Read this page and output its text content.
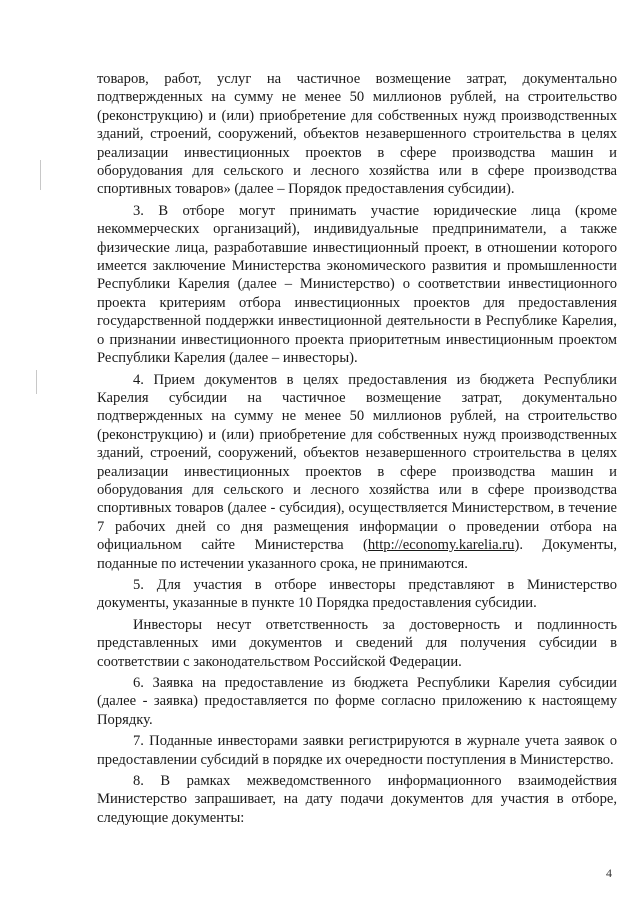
товаров, работ, услуг на частичное возмещение затрат, документально подтвержденных на сумму не менее 50 миллионов рублей, на строительство (реконструкцию) и (или) приобретение для собственных нужд производственных зданий, строений, сооружений, объектов незавершенного строительства в целях реализации инвестиционных проектов в сфере производства машин и оборудования для сельского и лесного хозяйства или в сфере производства спортивных товаров» (далее – Порядок предоставления субсидии).

3. В отборе могут принимать участие юридические лица (кроме некоммерческих организаций), индивидуальные предприниматели, а также физические лица, разработавшие инвестиционный проект, в отношении которого имеется заключение Министерства экономического развития и промышленности Республики Карелия (далее – Министерство) о соответствии инвестиционного проекта критериям отбора инвестиционных проектов для предоставления государственной поддержки инвестиционной деятельности в Республике Карелия, о признании инвестиционного проекта приоритетным инвестиционным проектом Республики Карелия (далее – инвесторы).

4. Прием документов в целях предоставления из бюджета Республики Карелия субсидии на частичное возмещение затрат, документально подтвержденных на сумму не менее 50 миллионов рублей, на строительство (реконструкцию) и (или) приобретение для собственных нужд производственных зданий, строений, сооружений, объектов незавершенного строительства в целях реализации инвестиционных проектов в сфере производства машин и оборудования для сельского и лесного хозяйства или в сфере производства спортивных товаров (далее - субсидия), осуществляется Министерством, в течение 7 рабочих дней со дня размещения информации о проведении отбора на официальном сайте Министерства (http://economy.karelia.ru). Документы, поданные по истечении указанного срока, не принимаются.

5. Для участия в отборе инвесторы представляют в Министерство документы, указанные в пункте 10 Порядка предоставления субсидии.

Инвесторы несут ответственность за достоверность и подлинность представленных ими документов и сведений для получения субсидии в соответствии с законодательством Российской Федерации.

6. Заявка на предоставление из бюджета Республики Карелия субсидии (далее - заявка) предоставляется по форме согласно приложению к настоящему Порядку.

7. Поданные инвесторами заявки регистрируются в журнале учета заявок о предоставлении субсидий в порядке их очередности поступления в Министерство.

8. В рамках межведомственного информационного взаимодействия Министерство запрашивает, на дату подачи документов для участия в отборе, следующие документы:

4
